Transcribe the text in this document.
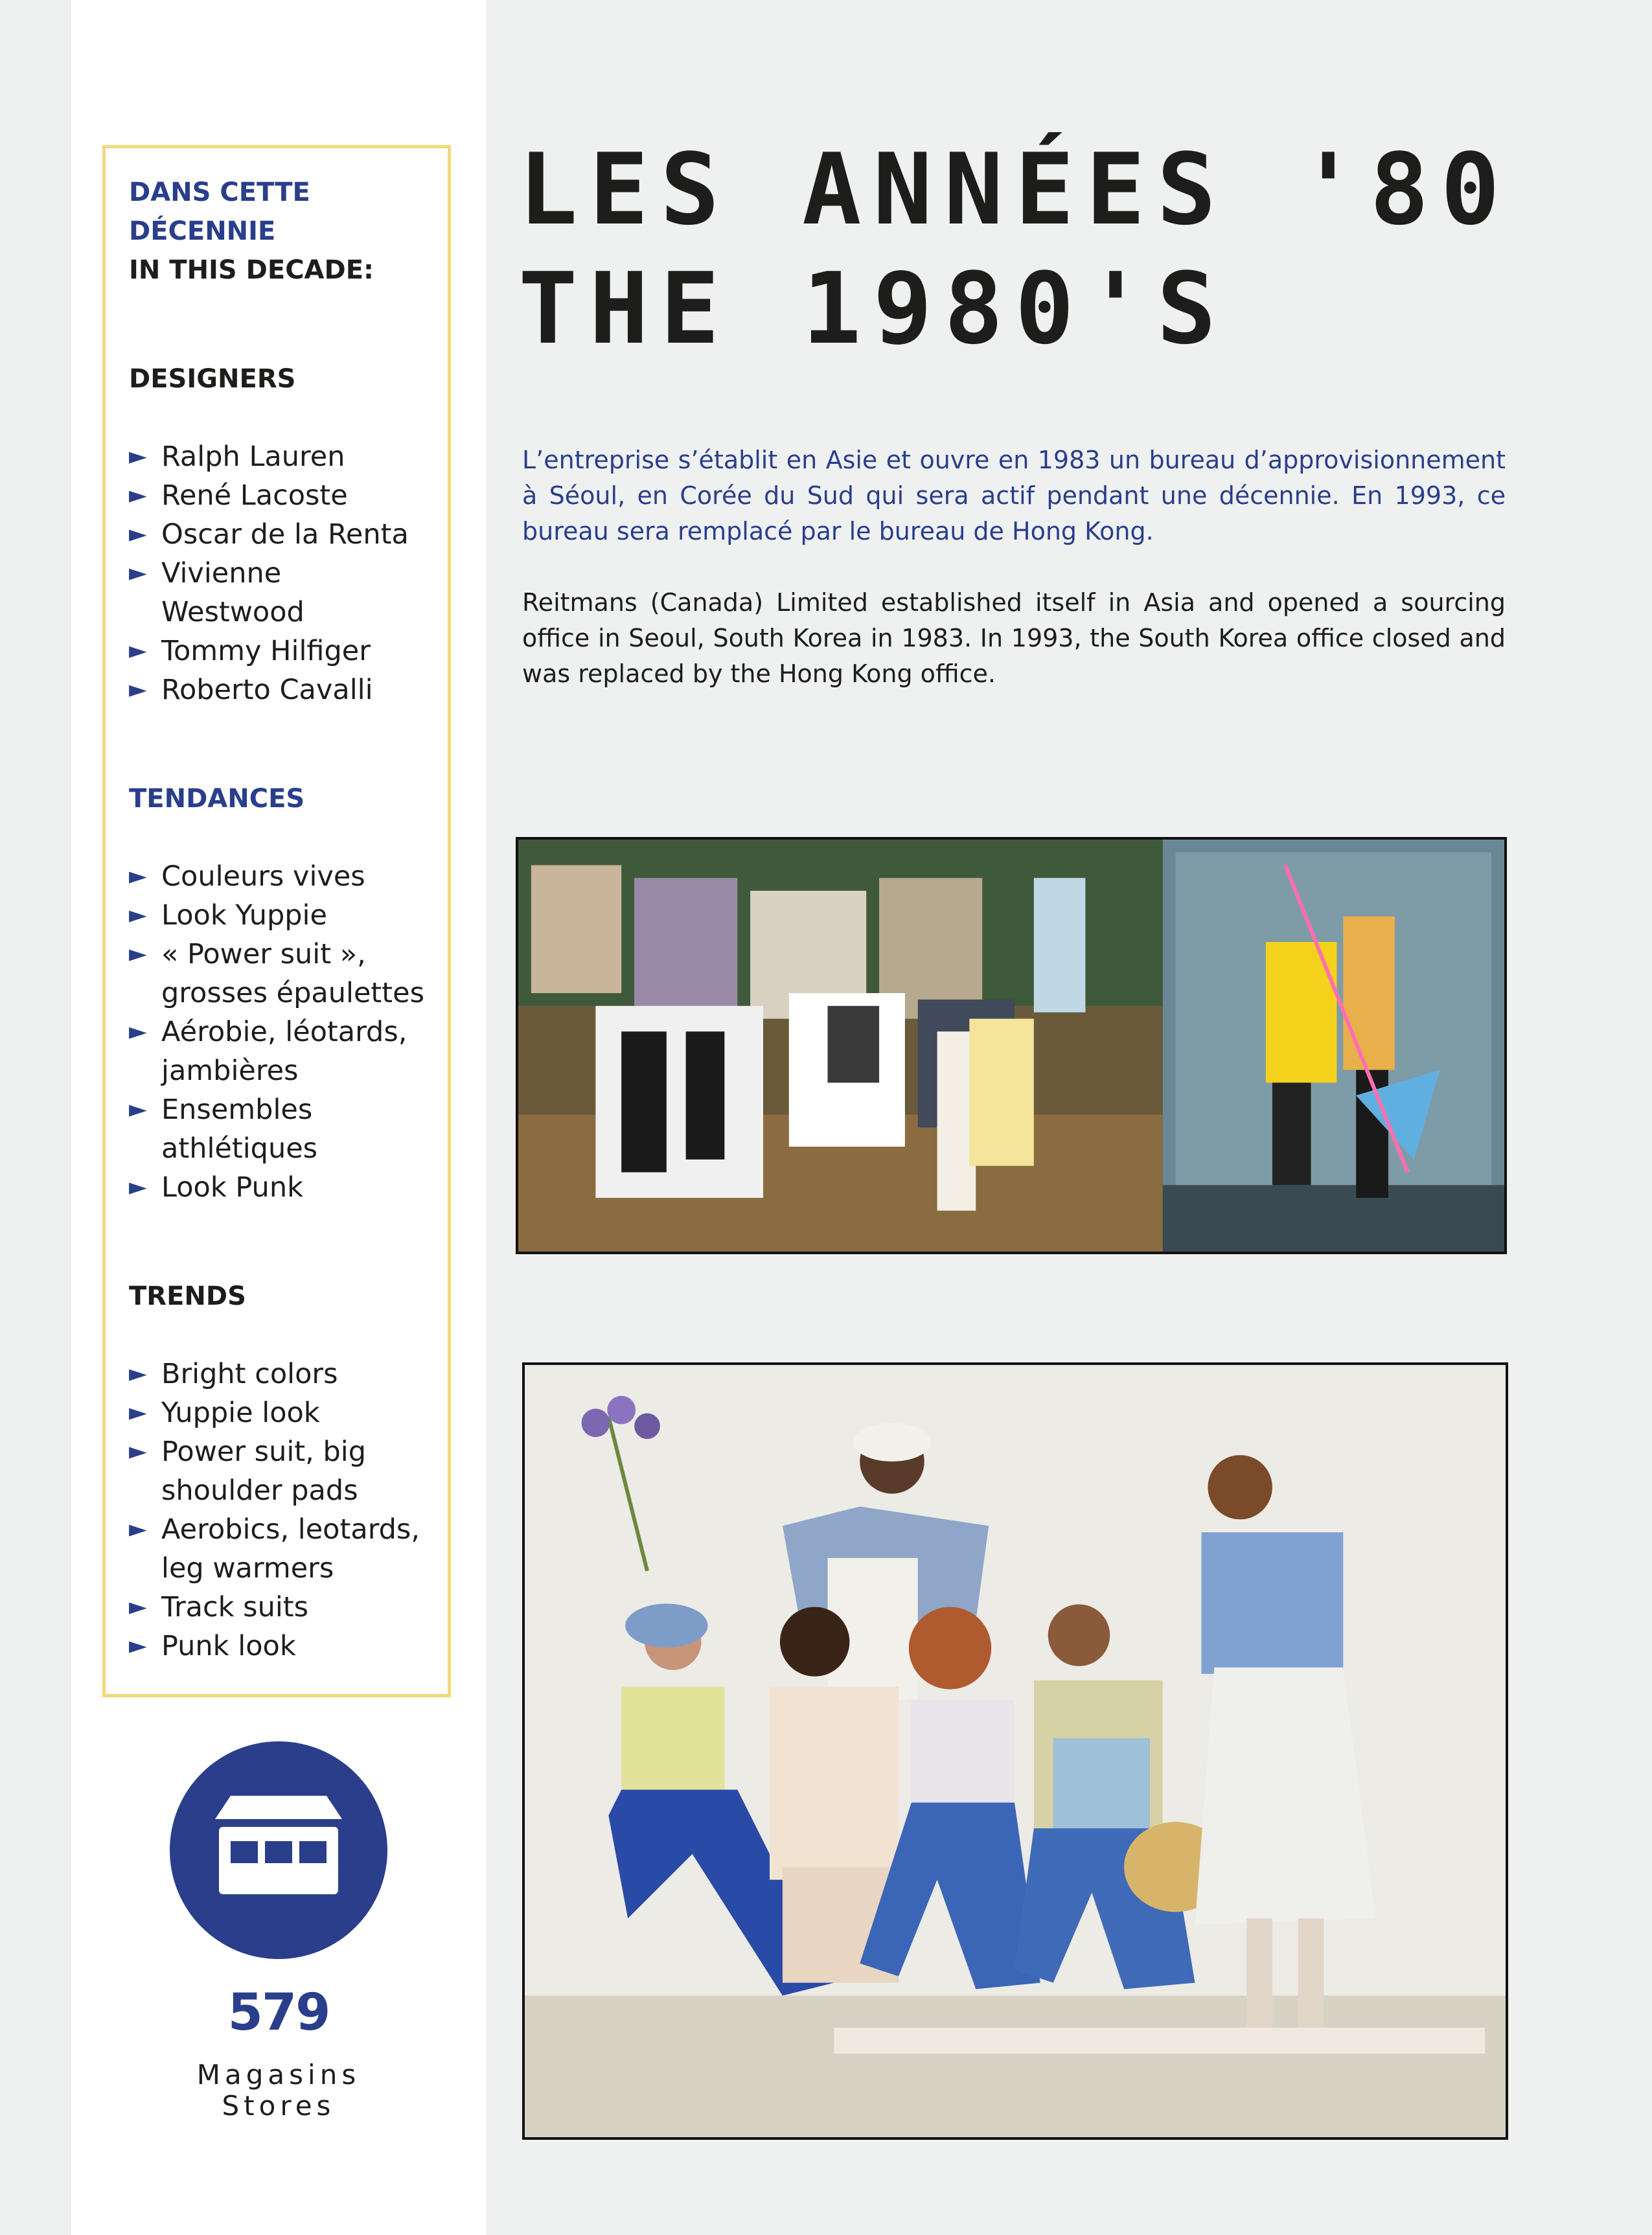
DANS CETTE DÉCENNIE
IN THIS DECADE:
DESIGNERS
► Ralph Lauren
► René Lacoste
► Oscar de la Renta
► Vivienne Westwood
► Tommy Hilfiger
► Roberto Cavalli
TENDANCES
► Couleurs vives
► Look Yuppie
► « Power suit », grosses épaulettes
► Aérobie, léotards, jambières
► Ensembles athlétiques
► Look Punk
TRENDS
► Bright colors
► Yuppie look
► Power suit, big shoulder pads
► Aerobics, leotards, leg warmers
► Track suits
► Punk look
579
Magasins
Stores
LES ANNÉES '80
THE 1980'S

L’entreprise s’établit en Asie et ouvre en 1983 un bureau d’approvisionnement à Séoul, en Corée du Sud qui sera actif pendant une décennie. En 1993, ce bureau sera remplacé par le bureau de Hong Kong.

Reitmans (Canada) Limited established itself in Asia and opened a sourcing office in Seoul, South Korea in 1983. In 1993, the South Korea office closed and was replaced by the Hong Kong office.
